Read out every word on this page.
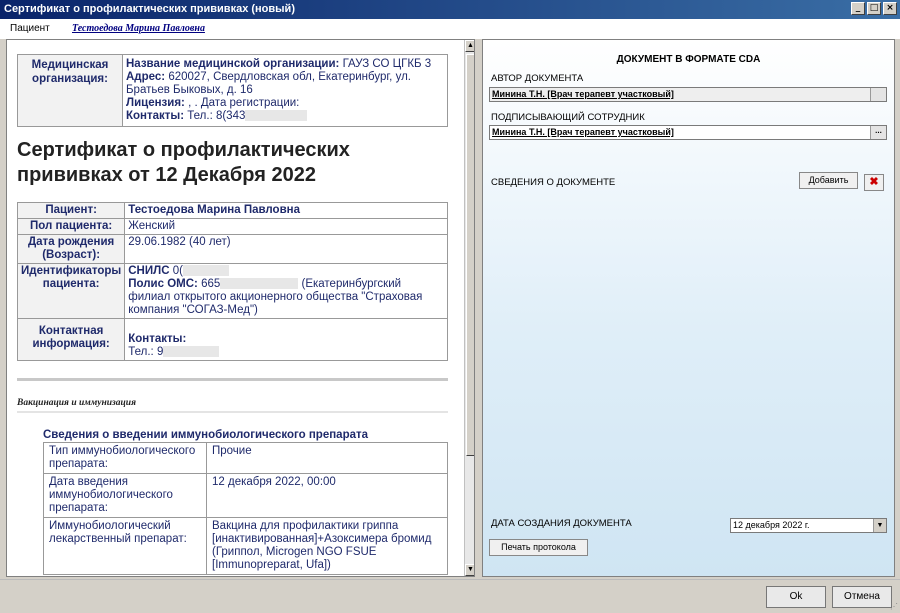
Сертификат о профилактических прививках (новый)	_	□ ×
Пациент Тестоедова Марина Павловна
Медицинская организация:
Название медицинской организации: ГАУЗ СО ЦГКБ 3
Адрес: 620027, Свердловская обл, Екатеринбург, ул. Братьев Быковых, д. 16
Лицензия: , . Дата регистрации:
Контакты: Тел.: 8(343
Сертификат о профилактических прививках от 12 Декабря 2022
Пациент:	Тестоедова Марина Павловна
Пол пациента:	Женский
Дата рождения (Возраст):	29.06.1982 (40 лет)
Идентификаторы пациента:	СНИЛС 0(
Полис ОМС: 665 (Екатеринбургский филиал открытого акционерного общества "Страховая компания "СОГАЗ-Мед")
Контактная информация:	Контакты:
Тел.: 9
Вакцинация и иммунизация
Сведения о введении иммунобиологического препарата
Тип иммунобиологического препарата:	Прочие
Дата введения иммунобиологического препарата:	12 декабря 2022, 00:00
Иммунобиологический лекарственный препарат:	Вакцина для профилактики гриппа [инактивированная]+Азоксимера бромид (Гриппол, Microgen NGO FSUE [Immunopreparat, Ufa])
▲
▼
ДОКУМЕНТ В ФОРМАТЕ CDA
АВТОР ДОКУМЕНТА
Минина Т.Н. [Врач терапевт участковый]
ПОДПИСЫВАЮЩИЙ СОТРУДНИК
Минина Т.Н. [Врач терапевт участковый]	...
СВЕДЕНИЯ О ДОКУМЕНТЕ	Добавить	✖
ДАТА СОЗДАНИЯ ДОКУМЕНТА	12 декабря 2022 г.	▼
Печать протокола
Ok	Отмена
⋰
